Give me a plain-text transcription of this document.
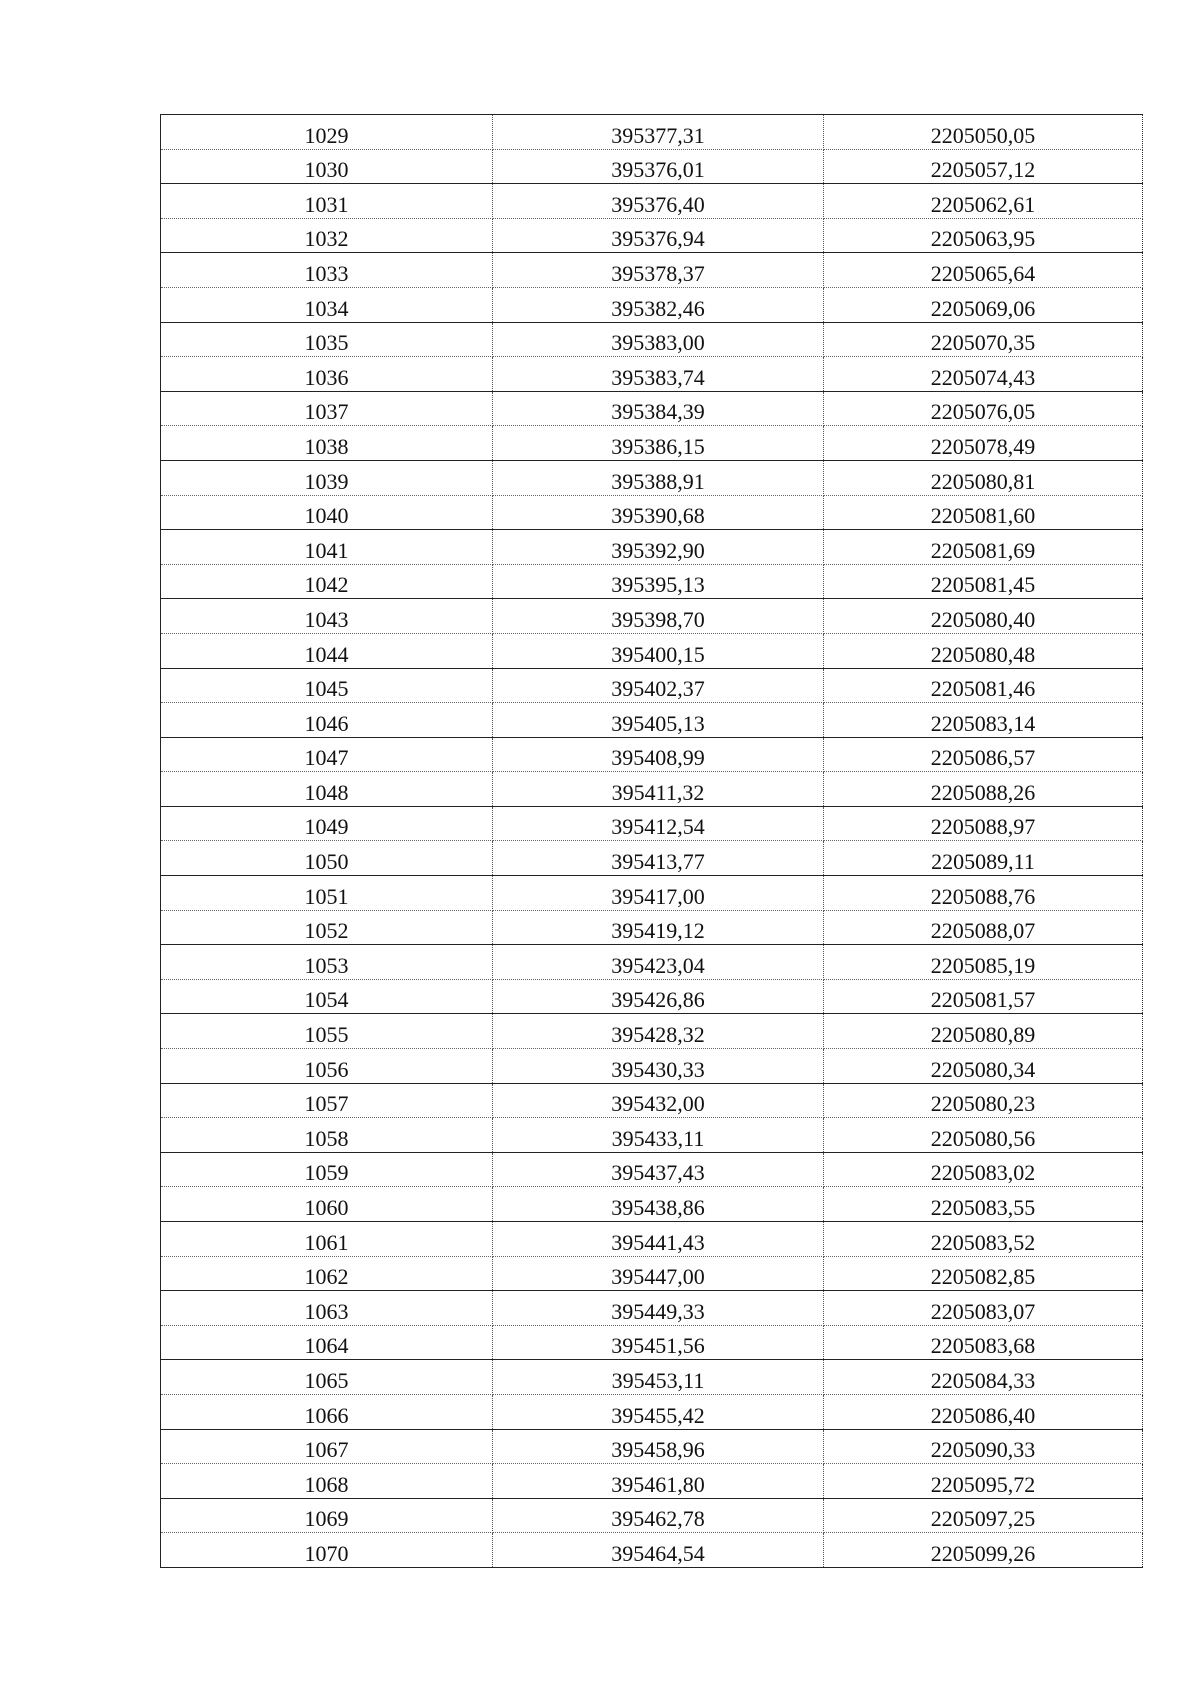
1029	395377,31	2205050,05
1030	395376,01	2205057,12
1031	395376,40	2205062,61
1032	395376,94	2205063,95
1033	395378,37	2205065,64
1034	395382,46	2205069,06
1035	395383,00	2205070,35
1036	395383,74	2205074,43
1037	395384,39	2205076,05
1038	395386,15	2205078,49
1039	395388,91	2205080,81
1040	395390,68	2205081,60
1041	395392,90	2205081,69
1042	395395,13	2205081,45
1043	395398,70	2205080,40
1044	395400,15	2205080,48
1045	395402,37	2205081,46
1046	395405,13	2205083,14
1047	395408,99	2205086,57
1048	395411,32	2205088,26
1049	395412,54	2205088,97
1050	395413,77	2205089,11
1051	395417,00	2205088,76
1052	395419,12	2205088,07
1053	395423,04	2205085,19
1054	395426,86	2205081,57
1055	395428,32	2205080,89
1056	395430,33	2205080,34
1057	395432,00	2205080,23
1058	395433,11	2205080,56
1059	395437,43	2205083,02
1060	395438,86	2205083,55
1061	395441,43	2205083,52
1062	395447,00	2205082,85
1063	395449,33	2205083,07
1064	395451,56	2205083,68
1065	395453,11	2205084,33
1066	395455,42	2205086,40
1067	395458,96	2205090,33
1068	395461,80	2205095,72
1069	395462,78	2205097,25
1070	395464,54	2205099,26
